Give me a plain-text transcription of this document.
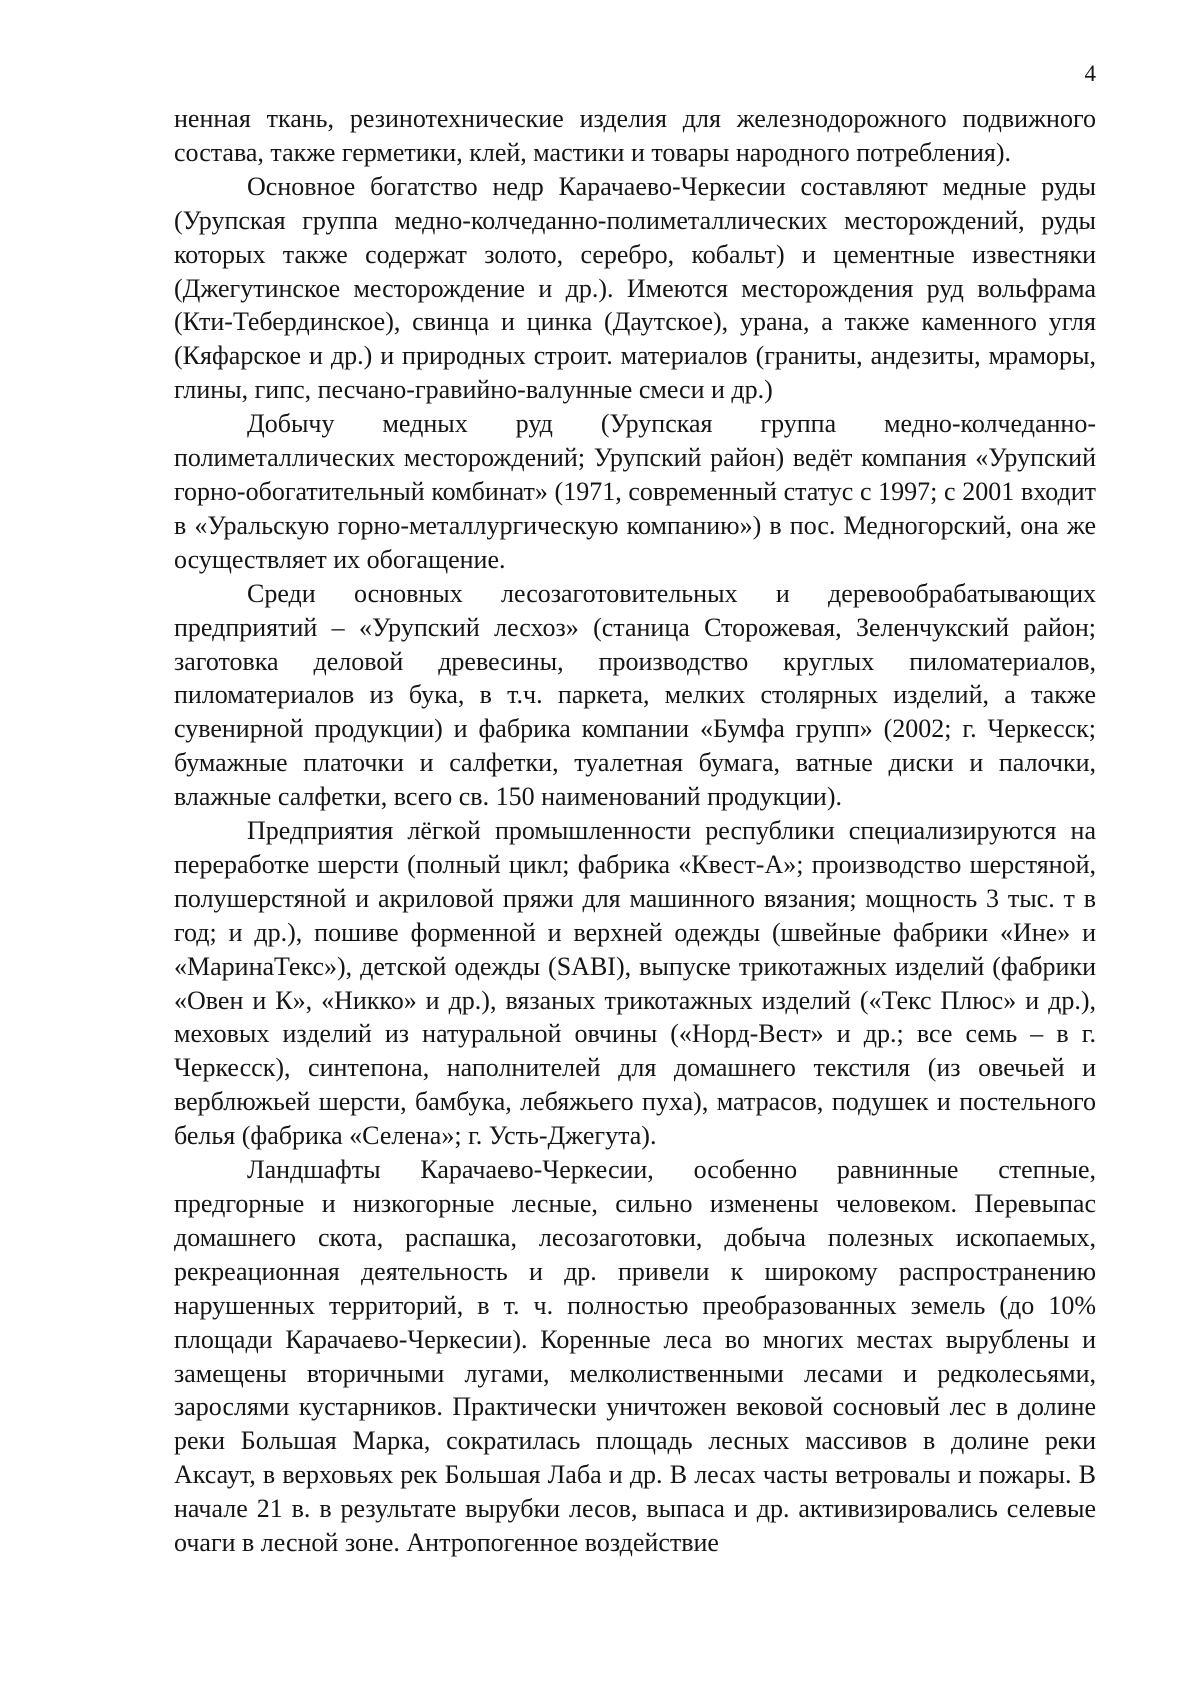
4

ненная ткань, резинотехнические изделия для железнодорожного подвижного состава, также герметики, клей, мастики и товары народного потребления).

Основное богатство недр Карачаево-Черкесии составляют медные руды (Урупская группа медно-колчеданно-полиметаллических месторождений, руды которых также содержат золото, серебро, кобальт) и цементные известняки (Джегутинское месторождение и др.). Имеются месторождения руд вольфрама (Кти-Тебердинское), свинца и цинка (Даутское), урана, а также каменного угля (Кяфарское и др.) и природных строит. материалов (граниты, андезиты, мраморы, глины, гипс, песчано-гравийно-валунные смеси и др.)

Добычу медных руд (Урупская группа медно-колчеданно-полиметаллических месторождений; Урупский район) ведёт компания «Урупский горно-обогатительный комбинат» (1971, современный статус с 1997; с 2001 входит в «Уральскую горно-металлургическую компанию») в пос. Медногорский, она же осуществляет их обогащение.

Среди основных лесозаготовительных и деревообрабатывающих предприятий – «Урупский лесхоз» (станица Сторожевая, Зеленчукский район; заготовка деловой древесины, производство круглых пиломатериалов, пиломатериалов из бука, в т.ч. паркета, мелких столярных изделий, а также сувенирной продукции) и фабрика компании «Бумфа групп» (2002; г. Черкесск; бумажные платочки и салфетки, туалетная бумага, ватные диски и палочки, влажные салфетки, всего св. 150 наименований продукции).

Предприятия лёгкой промышленности республики специализируются на переработке шерсти (полный цикл; фабрика «Квест-А»; производство шерстяной, полушерстяной и акриловой пряжи для машинного вязания; мощность 3 тыс. т в год; и др.), пошиве форменной и верхней одежды (швейные фабрики «Ине» и «МаринаТекс»), детской одежды (SABI), выпуске трикотажных изделий (фабрики «Овен и К», «Никко» и др.), вязаных трикотажных изделий («Текс Плюс» и др.), меховых изделий из натуральной овчины («Норд-Вест» и др.; все семь – в г. Черкесск), синтепона, наполнителей для домашнего текстиля (из овечьей и верблюжьей шерсти, бамбука, лебяжьего пуха), матрасов, подушек и постельного белья (фабрика «Селена»; г. Усть-Джегута).

Ландшафты Карачаево-Черкесии, особенно равнинные степные, предгорные и низкогорные лесные, сильно изменены человеком. Перевыпас домашнего скота, распашка, лесозаготовки, добыча полезных ископаемых, рекреационная деятельность и др. привели к широкому распространению нарушенных территорий, в т. ч. полностью преобразованных земель (до 10% площади Карачаево-Черкесии). Коренные леса во многих местах вырублены и замещены вторичными лугами, мелколиственными лесами и редколесьями, зарослями кустарников. Практически уничтожен вековой сосновый лес в долине реки Большая Марка, сократилась площадь лесных массивов в долине реки Аксаут, в верховьях рек Большая Лаба и др. В лесах часты ветровалы и пожары. В начале 21 в. в результате вырубки лесов, выпаса и др. активизировались селевые очаги в лесной зоне. Антропогенное воздействие
